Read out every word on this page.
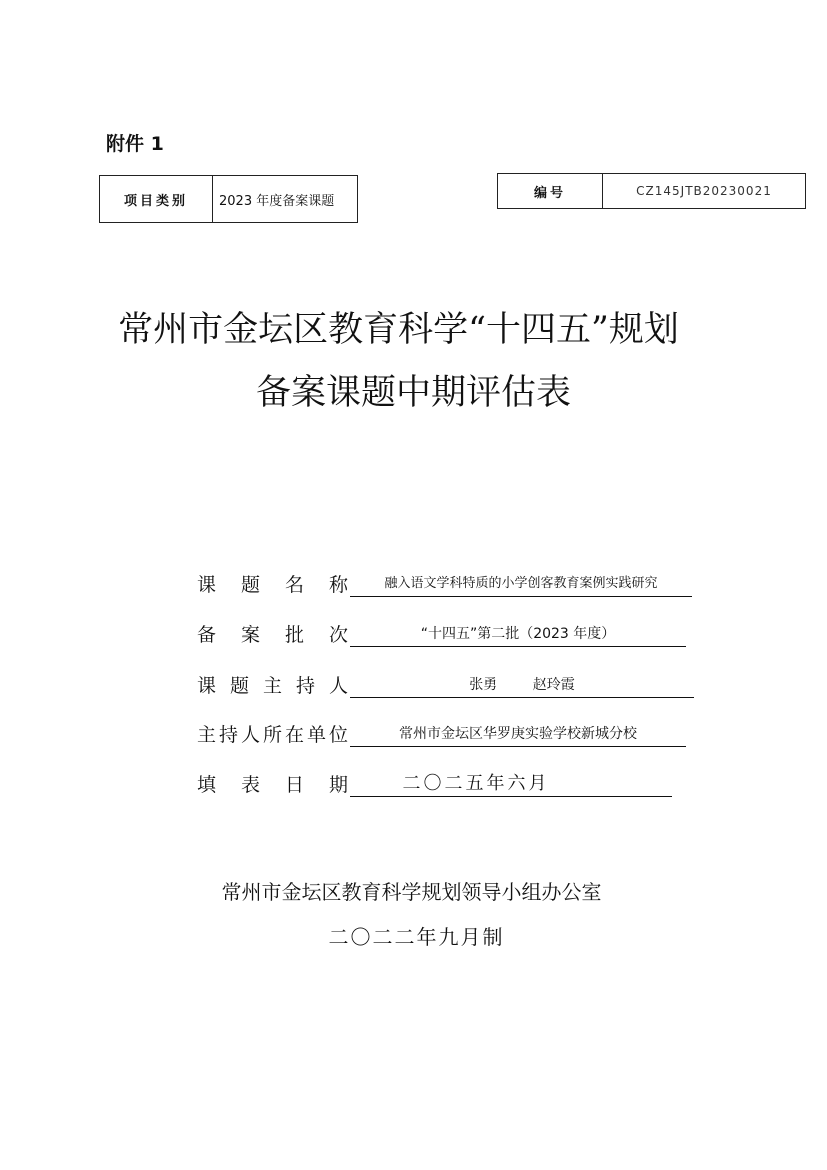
附件 1
项目类别	2023 年度备案课题
编号	CZ145JTB20230021
常州市金坛区教育科学“十四五”规划
备案课题中期评估表
课 题 名 称	融入语文学科特质的小学创客教育案例实践研究
备 案 批 次	“十四五”第二批（2023 年度）
课 题 主 持 人	张勇        赵玲霞
主 持 人 所 在 单 位	常州市金坛区华罗庚实验学校新城分校
填 表 日 期	二〇二五年六月
常州市金坛区教育科学规划领导小组办公室
二〇二二年九月制
